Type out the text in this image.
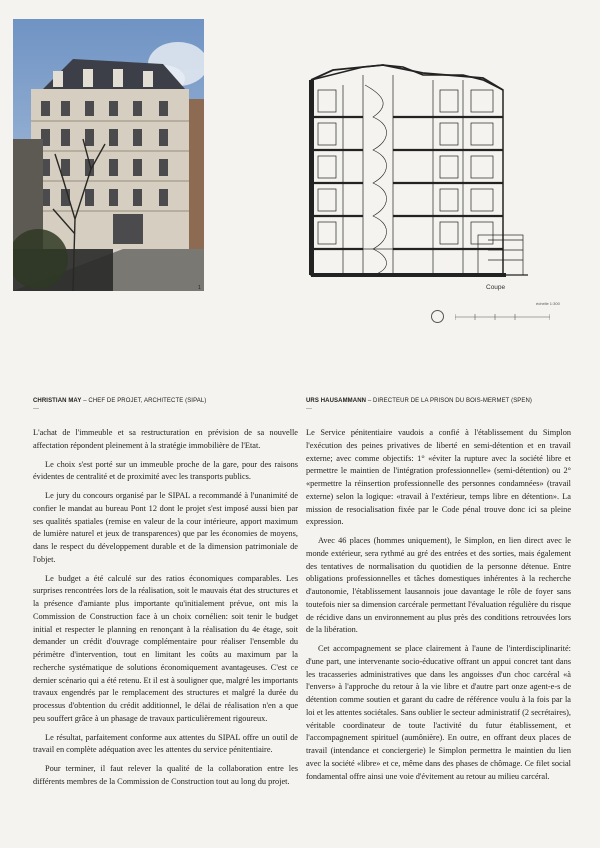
1	Coupe
échelle 1:300
CHRISTIAN MAY – CHEF DE PROJET, ARCHITECTE (SIPAL)
---

L'achat de l'immeuble et sa restructuration en prévision de sa nouvelle affectation répondent pleinement à la stratégie immobilière de l'Etat.

Le choix s'est porté sur un immeuble proche de la gare, pour des raisons évidentes de centralité et de proximité avec les transports publics.

Le jury du concours organisé par le SIPAL a recommandé à l'unanimité de confier le mandat au bureau Pont 12 dont le projet s'est imposé aussi bien par ses qualités spatiales (remise en valeur de la cour intérieure, apport maximum de lumière naturel et jeux de transparences) que par les économies de moyens, dans le respect du développement durable et de la dimension patrimoniale de l'objet.

Le budget a été calculé sur des ratios économiques comparables. Les surprises rencontrées lors de la réalisation, soit le mauvais état des structures et la présence d'amiante plus importante qu'initialement prévue, ont mis la Commission de Construction face à un choix cornélien: soit tenir le budget initial et respecter le planning en renonçant à la réalisation du 4e étage, soit demander un crédit d'ouvrage complémentaire pour réaliser l'ensemble du périmètre d'intervention, tout en limitant les coûts au maximum par la recherche systématique de solutions économiquement avantageuses. C'est ce dernier scénario qui a été retenu. Et il est à souligner que, malgré les importants travaux engendrés par le remplacement des structures et malgré la durée du processus d'obtention du crédit additionnel, le délai de réalisation n'en a que peu souffert grâce à un phasage de travaux particulièrement rigoureux.

Le résultat, parfaitement conforme aux attentes du SIPAL offre un outil de travail en complète adéquation avec les attentes du service pénitentiaire.

Pour terminer, il faut relever la qualité de la collaboration entre les différents membres de la Commission de Construction tout au long du projet.

URS HAUSAMMANN – DIRECTEUR DE LA PRISON DU BOIS-MERMET (SPEN)
---

Le Service pénitentiaire vaudois a confié à l'établissement du Simplon l'exécution des peines privatives de liberté en semi-détention et en travail externe; avec comme objectifs: 1° «éviter la rupture avec la société libre et permettre le maintien de l'intégration professionnelle» (semi-détention) ou 2° «permettre la réinsertion professionnelle des personnes condamnées» (travail externe) selon la logique: «travail à l'extérieur, temps libre en détention». La mission de resocialisation fixée par le Code pénal trouve donc ici sa pleine expression.

Avec 46 places (hommes uniquement), le Simplon, en lien direct avec le monde extérieur, sera rythmé au gré des entrées et des sorties, mais également des tentatives de normalisation du quotidien de la personne détenue. Entre obligations professionnelles et tâches domestiques inhérentes à la recherche d'autonomie, l'établissement lausannois joue davantage le rôle de foyer sans toutefois nier sa dimension carcérale permettant l'évaluation régulière du risque de récidive dans un environnement au plus près des conditions retrouvées lors de la libération.

Cet accompagnement se place clairement à l'aune de l'interdisciplinarité: d'une part, une intervenante socio-éducative offrant un appui concret tant dans les tracasseries administratives que dans les angoisses d'un choc carcéral «à l'envers» à l'approche du retour à la vie libre et d'autre part onze agent-e-s de détention comme soutien et garant du cadre de référence voulu à la fois par la loi et les attentes sociétales. Sans oublier le secteur administratif (2 secrétaires), véritable coordinateur de toute l'activité du futur établissement, et l'accompagnement spirituel (aumônière). En outre, en offrant deux places de travail (intendance et conciergerie) le Simplon permettra le maintien du lien avec la société «libre» et ce, même dans des phases de chômage. Ce filet social fondamental offre ainsi une voie d'évitement au retour au milieu carcéral.
